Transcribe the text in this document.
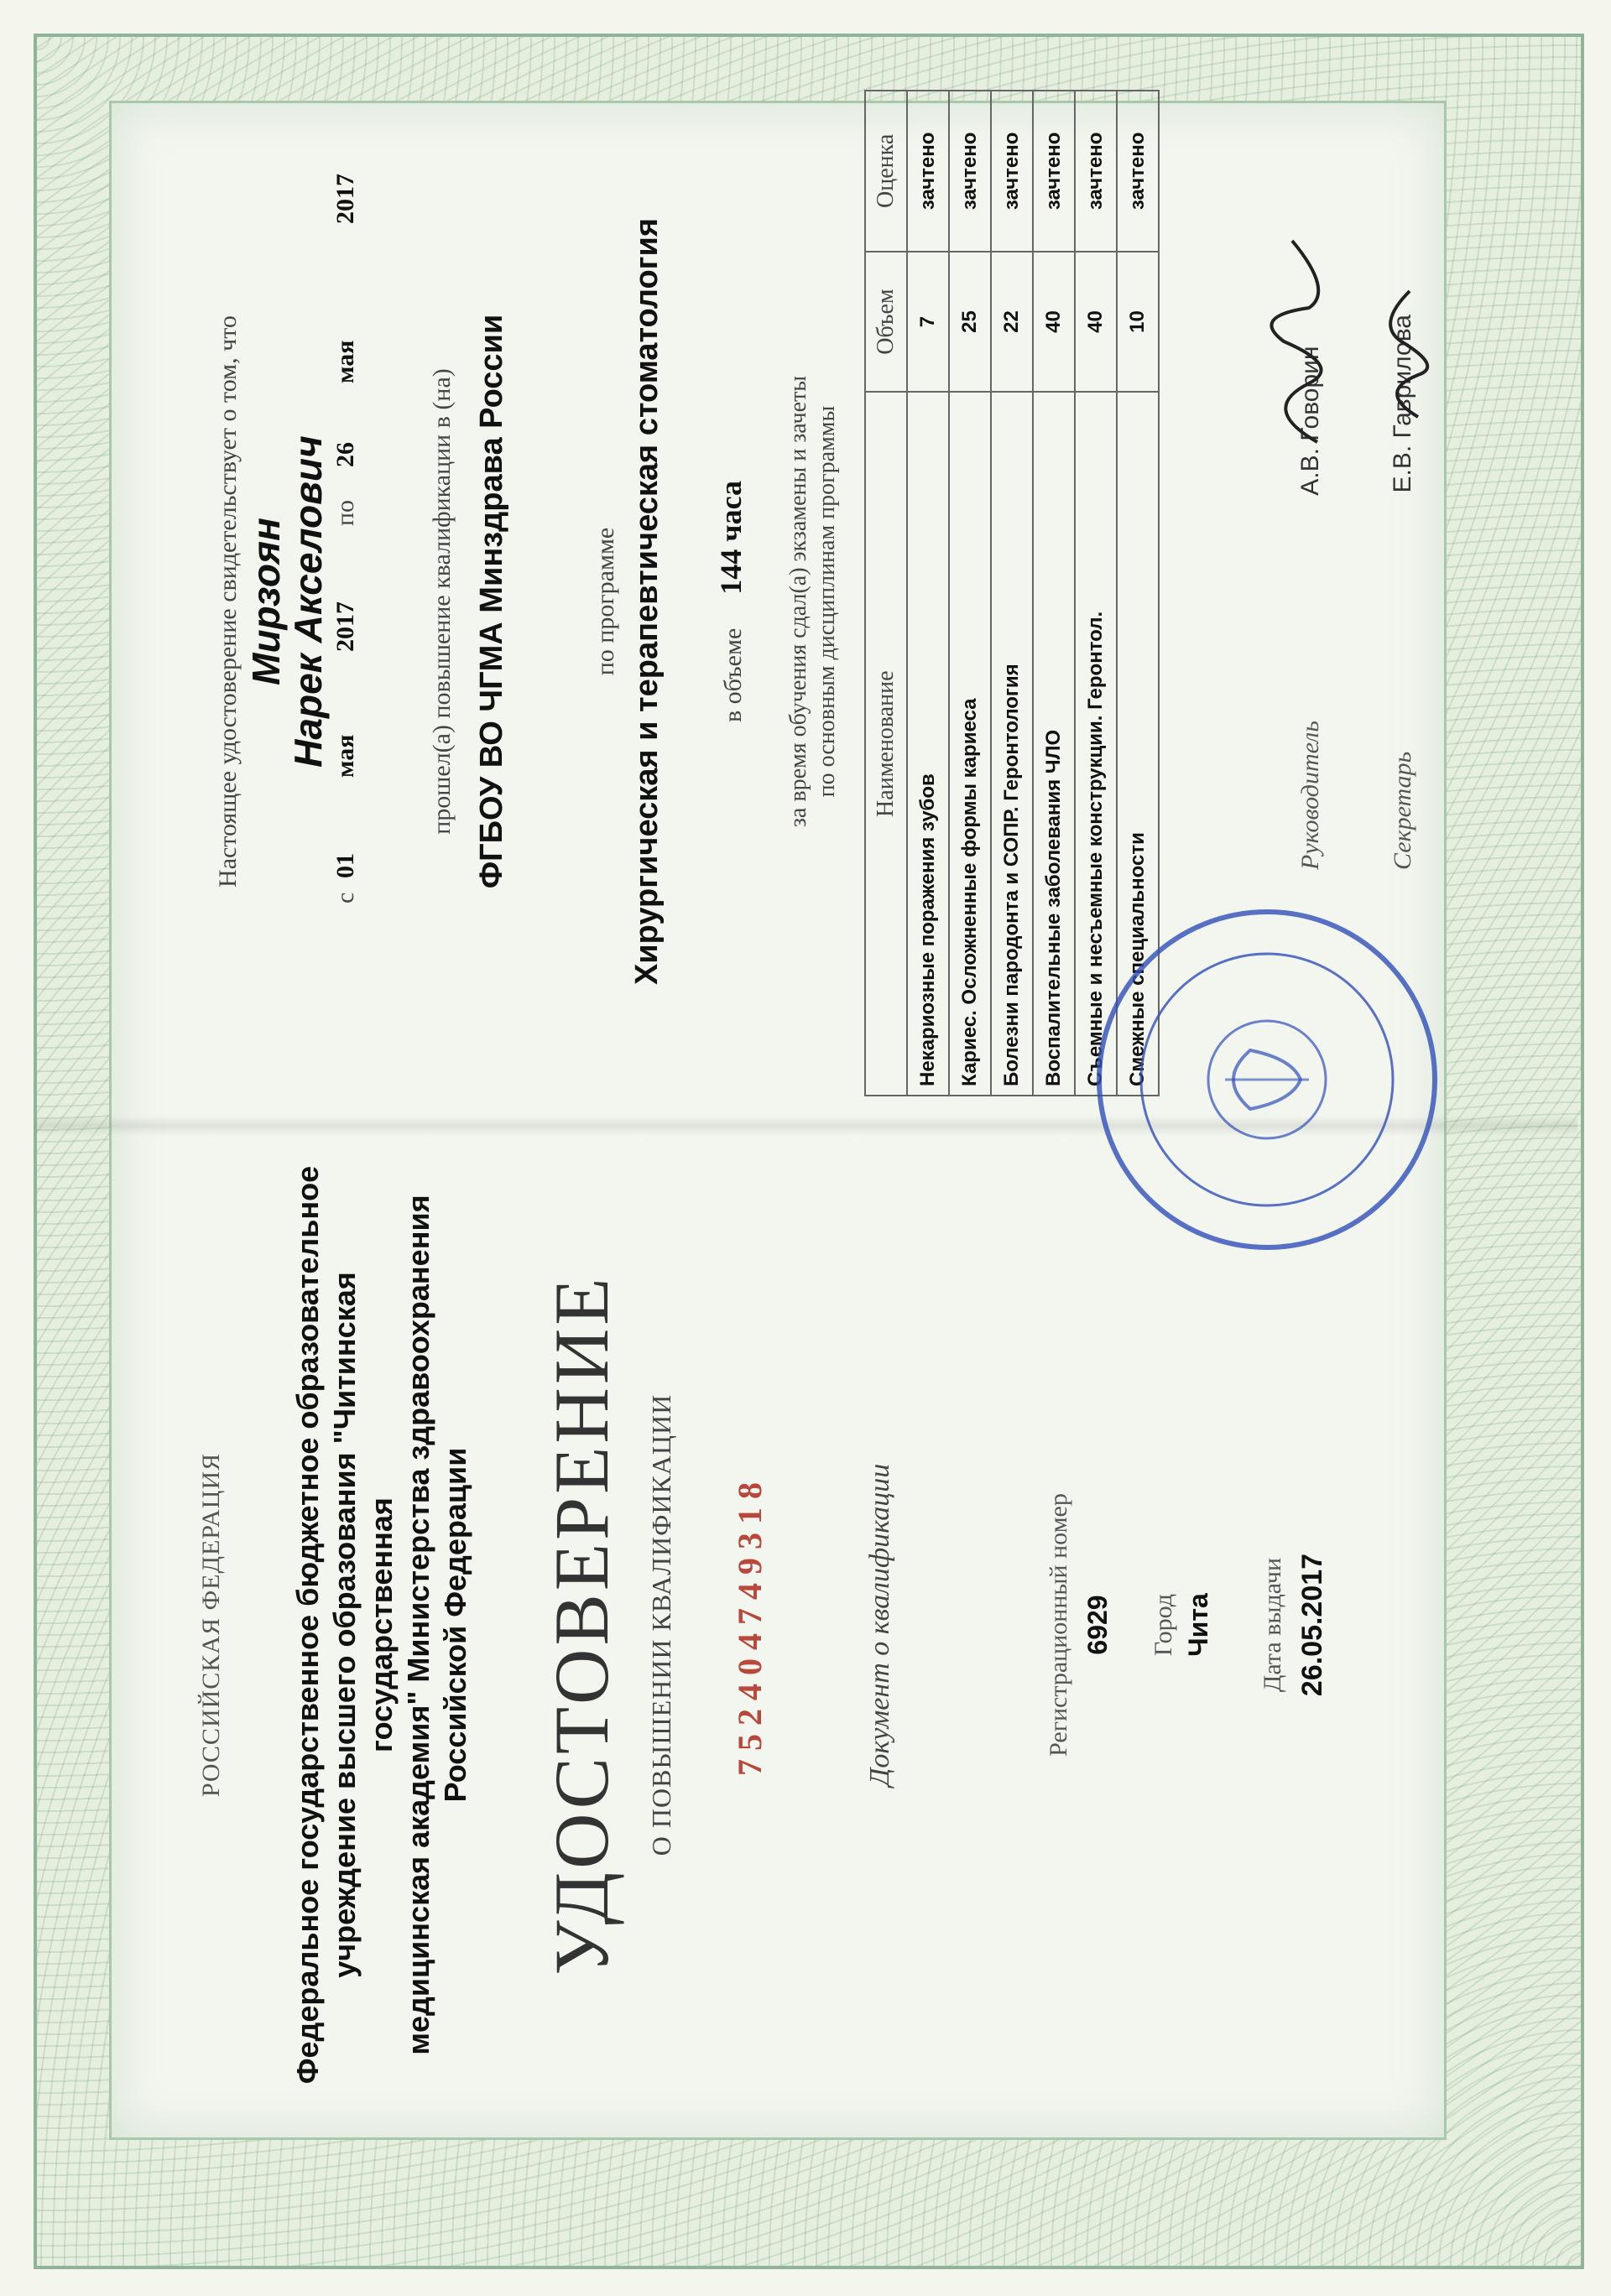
РОССИЙСКАЯ ФЕДЕРАЦИЯ Федеральное государственное бюджетное образовательное учреждение высшего образования "Читинская государственная медицинская академия" Министерства здравоохранения Российской Федерации УДОСТОВЕРЕНИЕ О ПОВЫШЕНИИ КВАЛИФИКАЦИИ 752404749318	Документ о квалификации	Регистрационный номер 6929 Город Чита Дата выдачи 26.05.2017
Настоящее удостоверение свидетельствует о том, что Мирзоян
Нарек Акселович
с
01
мая
2017
по
26
мая
2017
прошел(а) повышение квалификации в (на) ФГБОУ ВО ЧГМА Минздрава России	по программе Хирургическая и терапевтическая стоматология в объеме144 часа за время обучения сдал(а) экзамены и зачеты по основным дисциплинам программы Наименование	Объем	Оценка
Некариозные поражения зубов	7	зачтено
Кариес. Осложненные формы кариеса	25	зачтено
Болезни пародонта и СОПР. Геронтология	22	зачтено
Воспалительные заболевания ЧЛО	40	зачтено
Съемные и несъемные конструкции. Геронтол.	40	зачтено
Смежные специальности	10	зачтено
Руководитель А.В. Говорин
Секретарь Е.В. Гаврилова
